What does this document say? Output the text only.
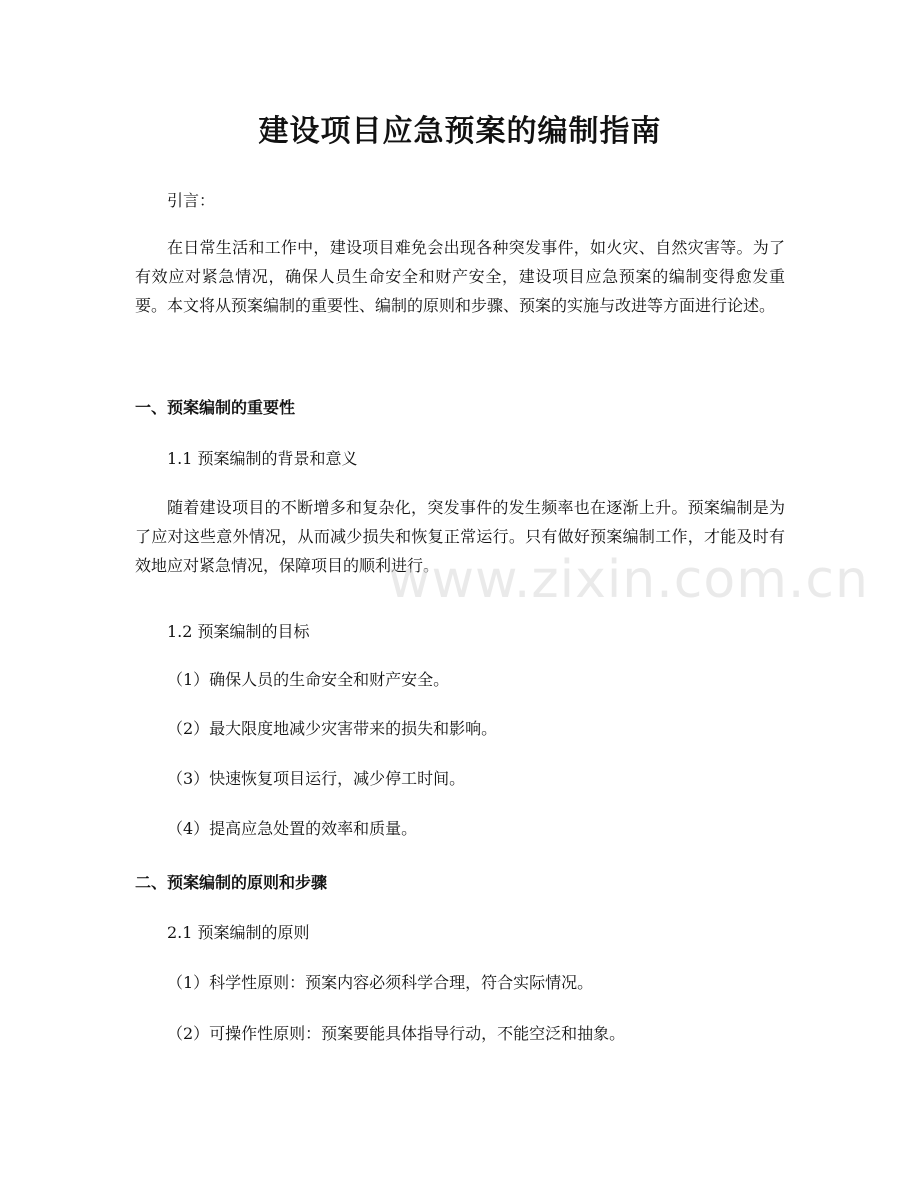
建设项目应急预案的编制指南
引言：
在日常生活和工作中，建设项目难免会出现各种突发事件，如火灾、自然灾害等。为了有效应对紧急情况，确保人员生命安全和财产安全，建设项目应急预案的编制变得愈发重要。本文将从预案编制的重要性、编制的原则和步骤、预案的实施与改进等方面进行论述。
一、预案编制的重要性
1.1 预案编制的背景和意义
随着建设项目的不断增多和复杂化，突发事件的发生频率也在逐渐上升。预案编制是为了应对这些意外情况，从而减少损失和恢复正常运行。只有做好预案编制工作，才能及时有效地应对紧急情况，保障项目的顺利进行。
1.2 预案编制的目标
（1）确保人员的生命安全和财产安全。
（2）最大限度地减少灾害带来的损失和影响。
（3）快速恢复项目运行，减少停工时间。
（4）提高应急处置的效率和质量。
二、预案编制的原则和步骤
2.1 预案编制的原则
（1）科学性原则：预案内容必须科学合理，符合实际情况。
（2）可操作性原则：预案要能具体指导行动，不能空泛和抽象。
www.zixin.com.cn
